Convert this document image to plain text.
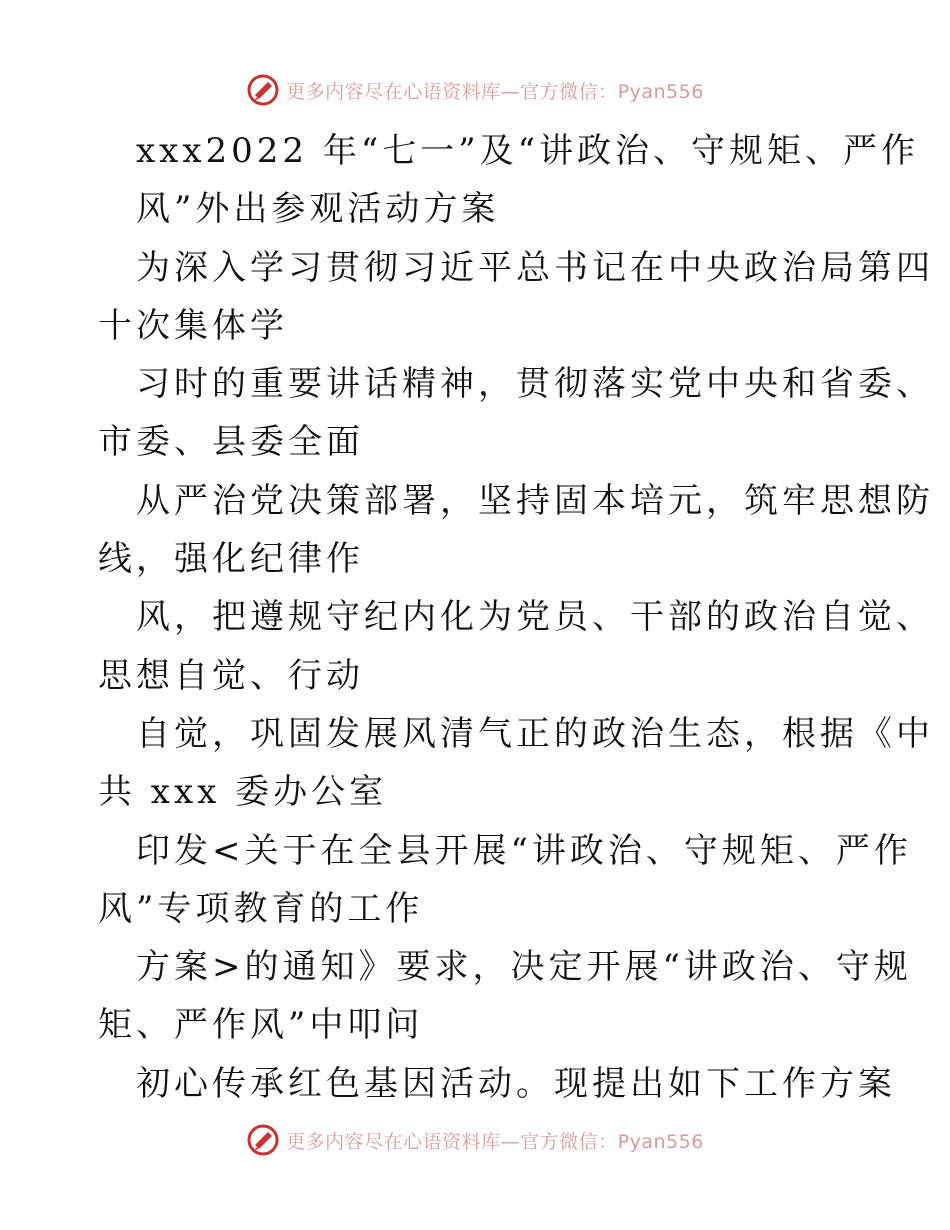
更多内容尽在心语资料库—官方微信：Pyan556
xxx2022 年“七一”及“讲政治、守规矩、严作
风”外出参观活动方案
为深入学习贯彻习近平总书记在中央政治局第四
十次集体学
习时的重要讲话精神，贯彻落实党中央和省委、
市委、县委全面
从严治党决策部署，坚持固本培元，筑牢思想防
线，强化纪律作
风，把遵规守纪内化为党员、干部的政治自觉、
思想自觉、行动
自觉，巩固发展风清气正的政治生态，根据《中
共 xxx 委办公室
印发<关于在全县开展“讲政治、守规矩、严作
风”专项教育的工作
方案>的通知》要求，决定开展“讲政治、守规
矩、严作风”中叩问
初心传承红色基因活动。现提出如下工作方案
更多内容尽在心语资料库—官方微信：Pyan556
